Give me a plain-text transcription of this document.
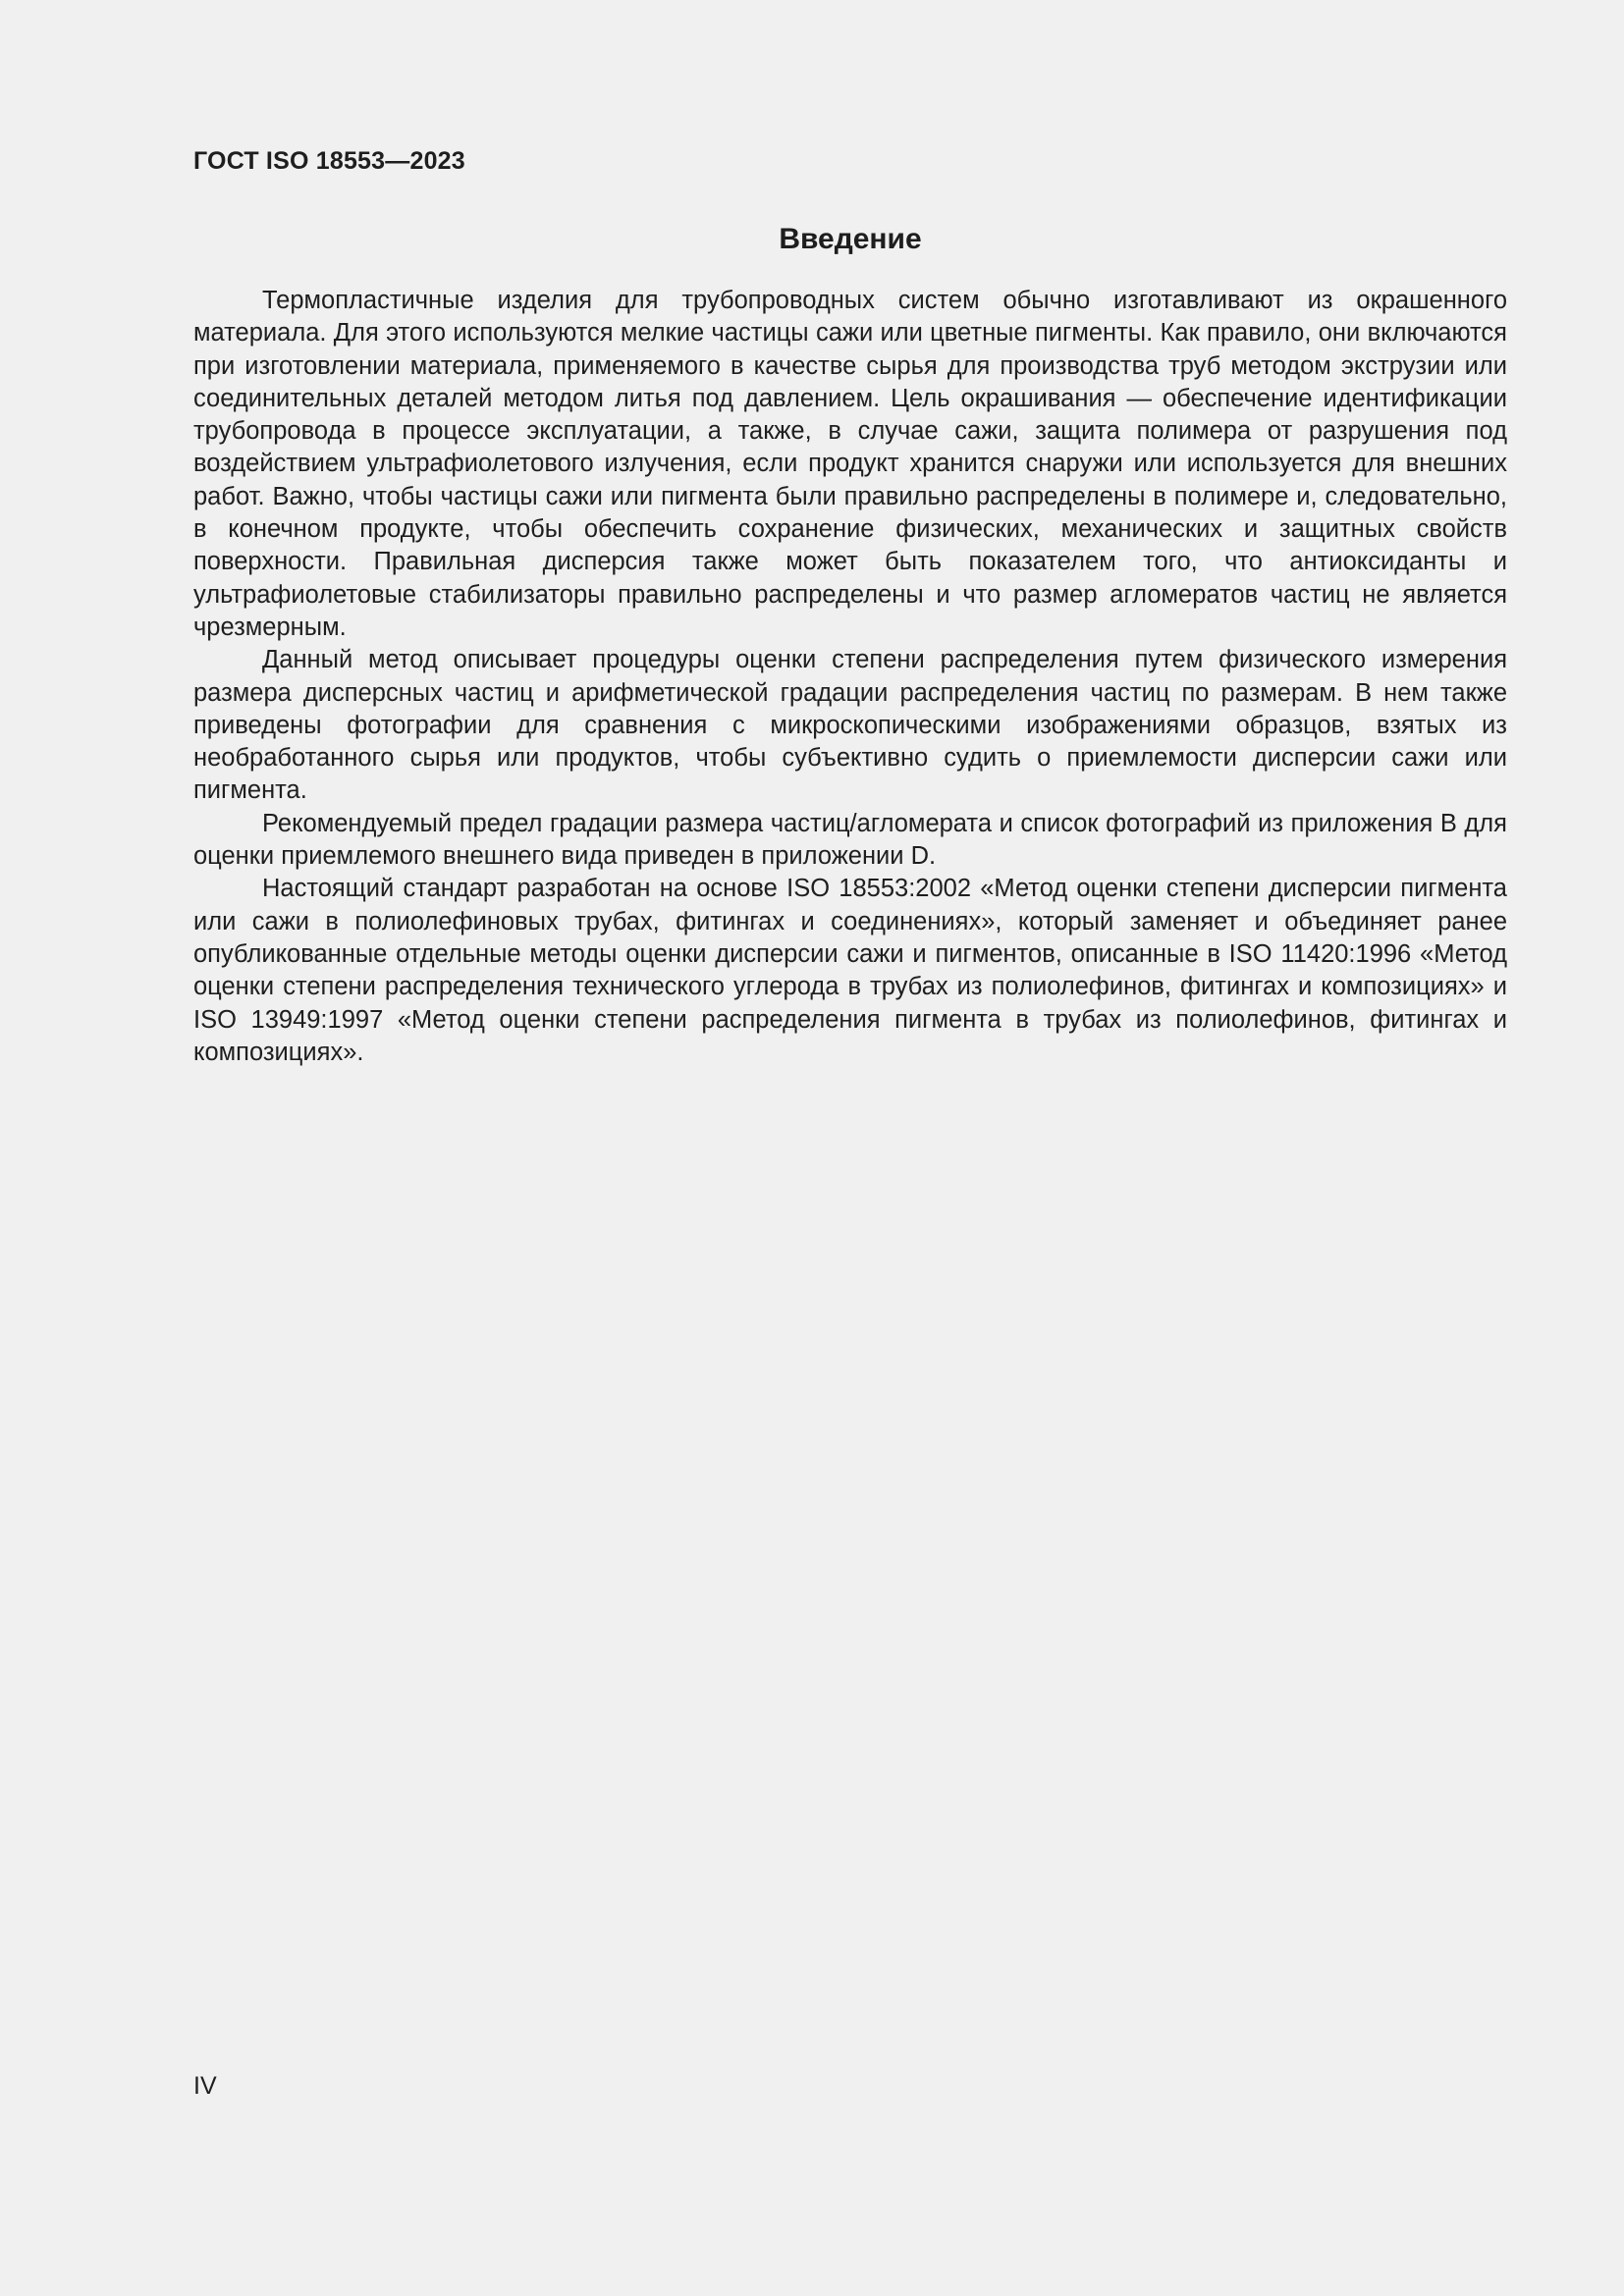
ГОСТ ISO 18553—2023

Введение

Термопластичные изделия для трубопроводных систем обычно изготавливают из окрашенного материала. Для этого используются мелкие частицы сажи или цветные пигменты. Как правило, они включаются при изготовлении материала, применяемого в качестве сырья для производства труб методом экструзии или соединительных деталей методом литья под давлением. Цель окрашивания — обеспечение идентификации трубопровода в процессе эксплуатации, а также, в случае сажи, защита полимера от разрушения под воздействием ультрафиолетового излучения, если продукт хранится снаружи или используется для внешних работ. Важно, чтобы частицы сажи или пигмента были правильно распределены в полимере и, следовательно, в конечном продукте, чтобы обеспечить сохранение физических, механических и защитных свойств поверхности. Правильная дисперсия также может быть показателем того, что антиоксиданты и ультрафиолетовые стабилизаторы правильно распределены и что размер агломератов частиц не является чрезмерным.

Данный метод описывает процедуры оценки степени распределения путем физического измерения размера дисперсных частиц и арифметической градации распределения частиц по размерам. В нем также приведены фотографии для сравнения с микроскопическими изображениями образцов, взятых из необработанного сырья или продуктов, чтобы субъективно судить о приемлемости дисперсии сажи или пигмента.

Рекомендуемый предел градации размера частиц/агломерата и список фотографий из приложения В для оценки приемлемого внешнего вида приведен в приложении D.

Настоящий стандарт разработан на основе ISO 18553:2002 «Метод оценки степени дисперсии пигмента или сажи в полиолефиновых трубах, фитингах и соединениях», который заменяет и объединяет ранее опубликованные отдельные методы оценки дисперсии сажи и пигментов, описанные в ISO 11420:1996 «Метод оценки степени распределения технического углерода в трубах из полиолефинов, фитингах и композициях» и ISO 13949:1997 «Метод оценки степени распределения пигмента в трубах из полиолефинов, фитингах и композициях».

IV
